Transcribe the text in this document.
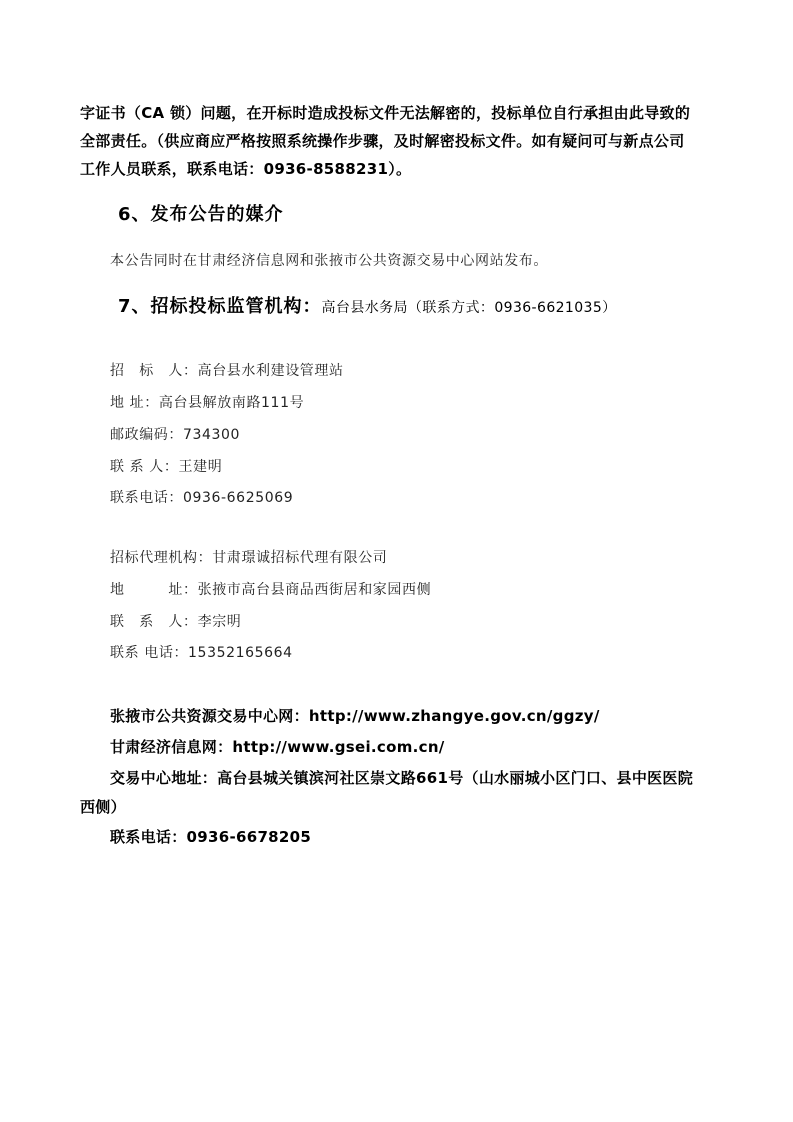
字证书（CA 锁）问题，在开标时造成投标文件无法解密的，投标单位自行承担由此导致的
全部责任。（供应商应严格按照系统操作步骤，及时解密投标文件。如有疑问可与新点公司
工作人员联系，联系电话：0936-8588231）。
6、发布公告的媒介
本公告同时在甘肃经济信息网和张掖市公共资源交易中心网站发布。
7、招标投标监管机构：高台县水务局（联系方式：0936-6621035）
招　标　人：高台县水利建设管理站
地 址：高台县解放南路111号
邮政编码：734300
联 系 人：王建明
联系电话：0936-6625069
招标代理机构：甘肃璟诚招标代理有限公司
地　　　址：张掖市高台县商品西街居和家园西侧
联　系　人：李宗明
联系 电话：15352165664
张掖市公共资源交易中心网：http://www.zhangye.gov.cn/ggzy/
甘肃经济信息网：http://www.gsei.com.cn/
交易中心地址：高台县城关镇滨河社区崇文路661号（山水丽城小区门口、县中医医院
西侧）
联系电话：0936-6678205
